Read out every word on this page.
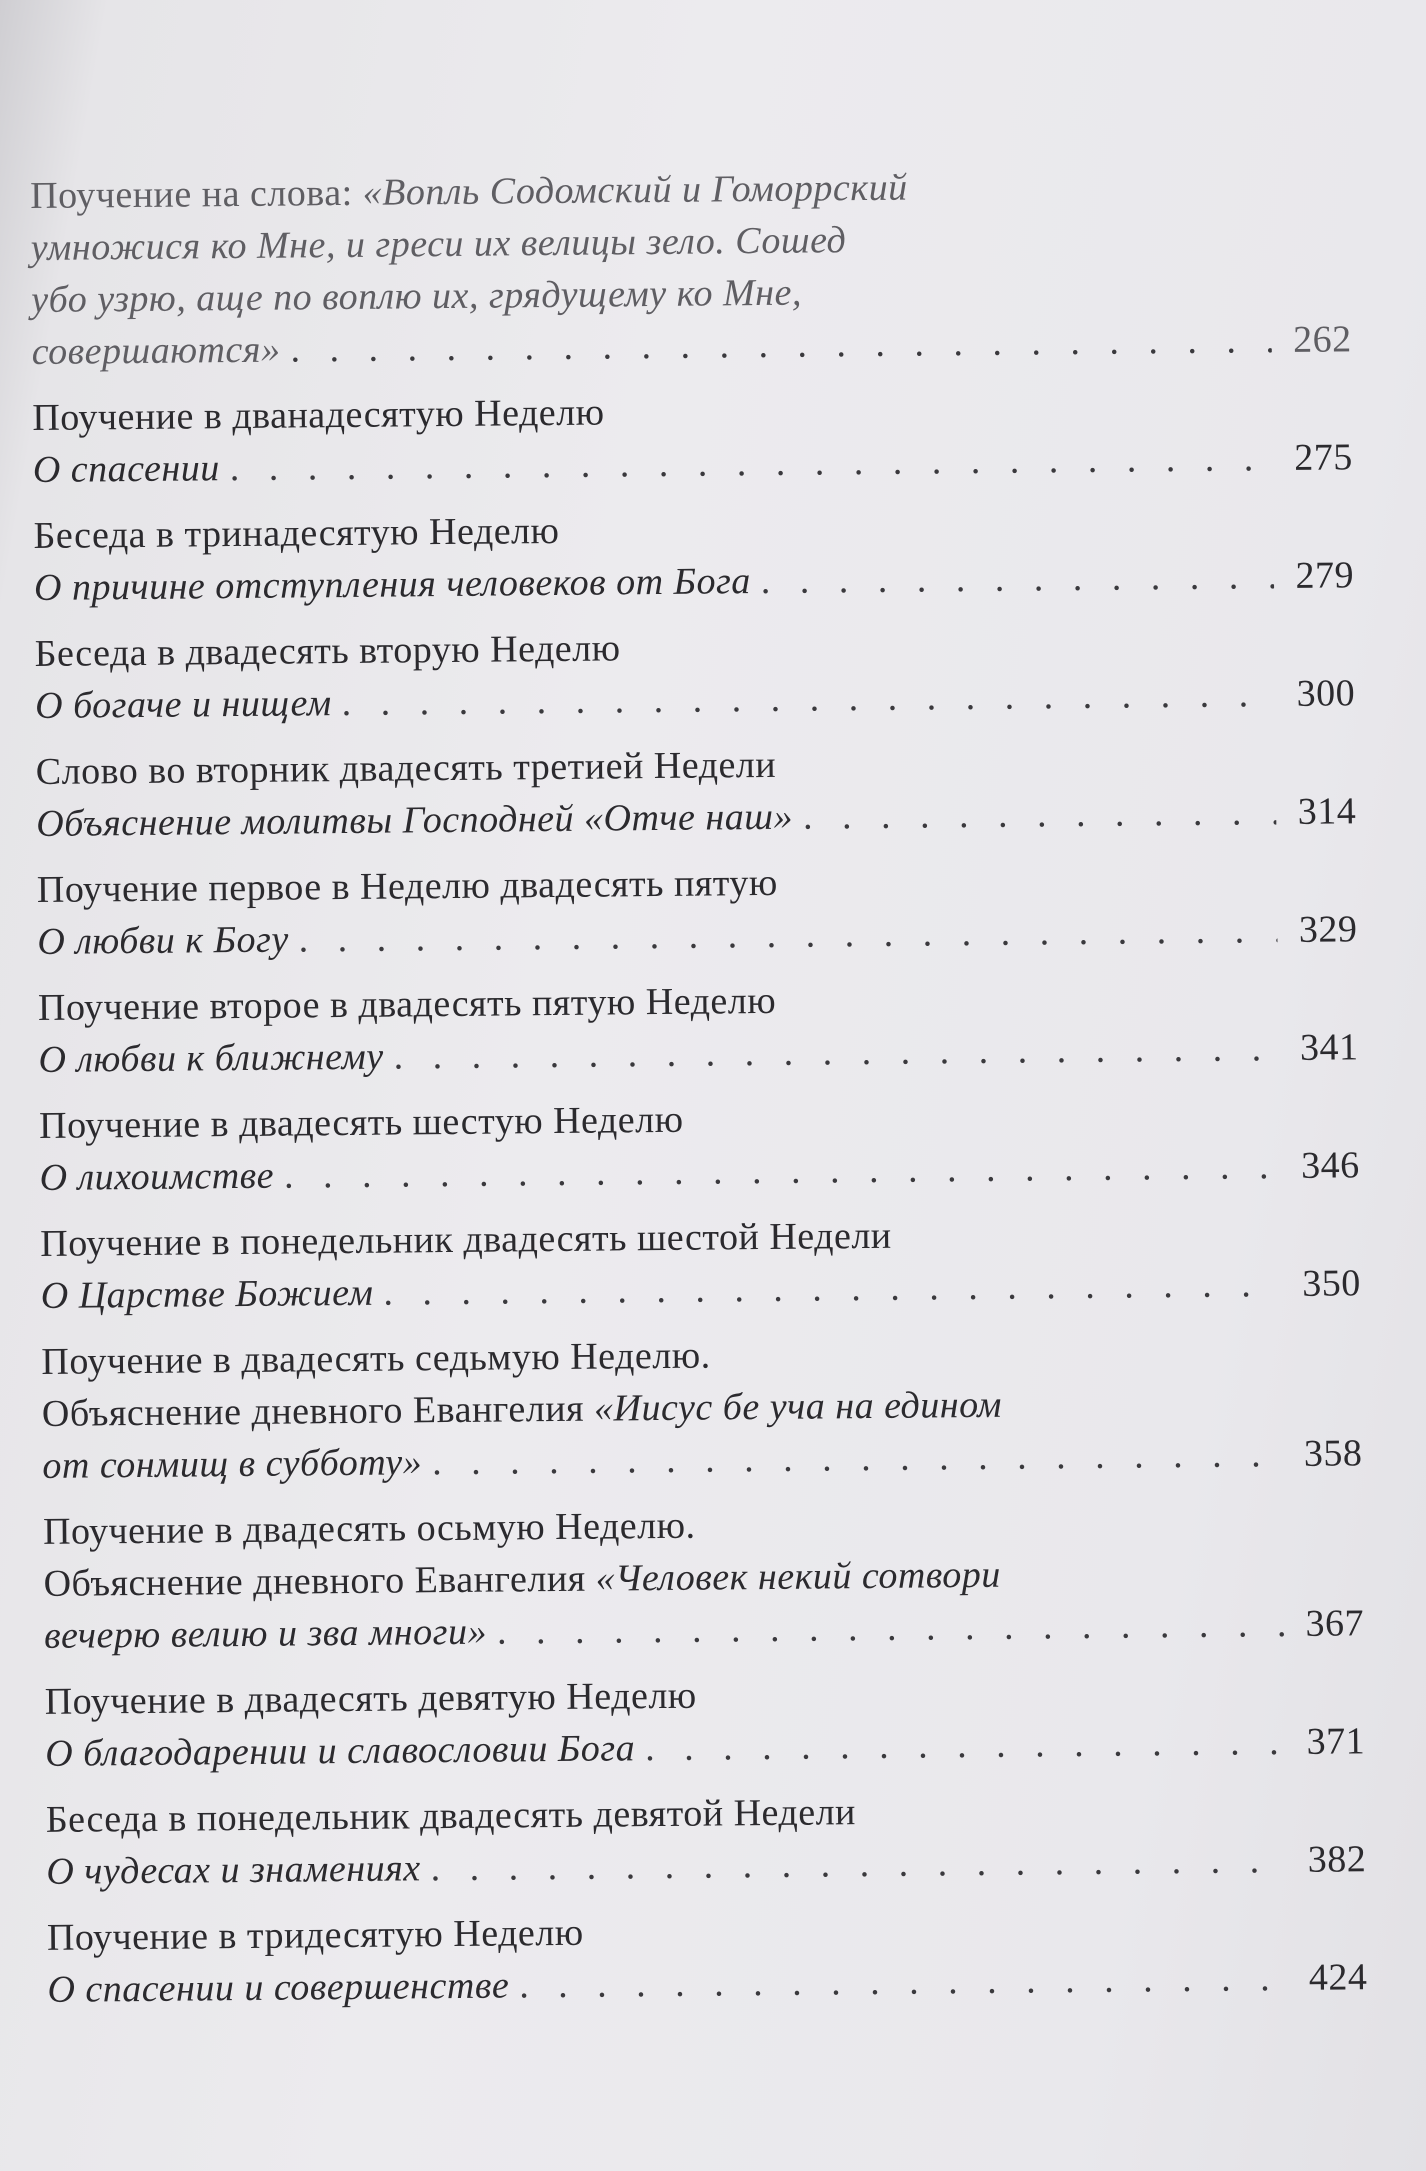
Поучение на слова: «Вопль Содомский и Гоморрский
умножися ко Мне, и греси их велицы зело. Сошед
убо узрю, аще по воплю их, грядущему ко Мне,
совершаются» . . .	262
Поучение в дванадесятую Неделю
О спасении . . .	275
Беседа в тринадесятую Неделю
О причине отступления человеков от Бога . . .	279
Беседа в двадесять вторую Неделю
О богаче и нищем . . .	300
Слово во вторник двадесять третией Недели
Объяснение молитвы Господней «Отче наш» . . .	314
Поучение первое в Неделю двадесять пятую
О любви к Богу . . .	329
Поучение второе в двадесять пятую Неделю
О любви к ближнему . . .	341
Поучение в двадесять шестую Неделю
О лихоимстве . . .	346
Поучение в понедельник двадесять шестой Недели
О Царстве Божием . . .	350
Поучение в двадесять седьмую Неделю.
Объяснение дневного Евангелия «Иисус бе уча на едином
от сонмищ в субботу» . . .	358
Поучение в двадесять осьмую Неделю.
Объяснение дневного Евангелия «Человек некий сотвори
вечерю велию и зва многи» . . .	367
Поучение в двадесять девятую Неделю
О благодарении и славословии Бога . . .	371
Беседа в понедельник двадесять девятой Недели
О чудесах и знамениях . . .	382
Поучение в тридесятую Неделю
О спасении и совершенстве . . .	424
